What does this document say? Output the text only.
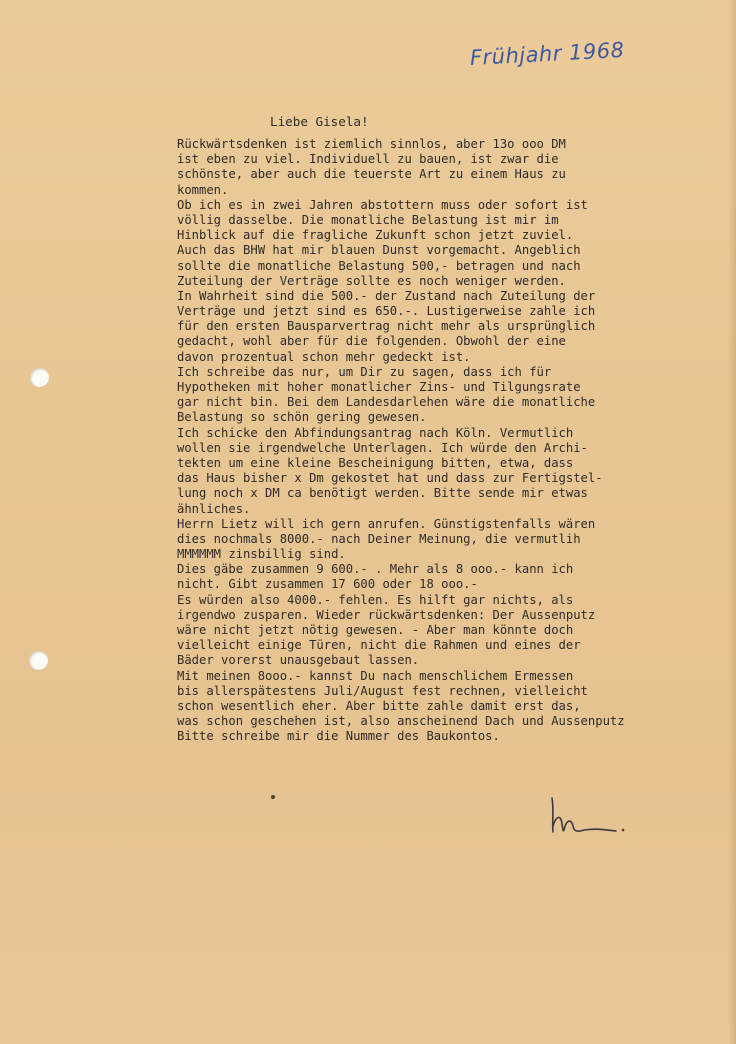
Frühjahr 1968
Liebe Gisela!
Rückwärtsdenken ist ziemlich sinnlos, aber 13o ooo DM
ist eben zu viel. Individuell zu bauen, ist zwar die
schönste, aber auch die teuerste Art zu einem Haus zu
kommen.
Ob ich es in zwei Jahren abstottern muss oder sofort ist
völlig dasselbe. Die monatliche Belastung ist mir im
Hinblick auf die fragliche Zukunft schon jetzt zuviel.
Auch das BHW hat mir blauen Dunst vorgemacht. Angeblich
sollte die monatliche Belastung 500,- betragen und nach
Zuteilung der Verträge sollte es noch weniger werden.
In Wahrheit sind die 500.- der Zustand nach Zuteilung der
Verträge und jetzt sind es 650.-. Lustigerweise zahle ich
für den ersten Bausparvertrag nicht mehr als ursprünglich
gedacht, wohl aber für die folgenden. Obwohl der eine
davon prozentual schon mehr gedeckt ist.
Ich schreibe das nur, um Dir zu sagen, dass ich für
Hypotheken mit hoher monatlicher Zins- und Tilgungsrate
gar nicht bin. Bei dem Landesdarlehen wäre die monatliche
Belastung so schön gering gewesen.
Ich schicke den Abfindungsantrag nach Köln. Vermutlich
wollen sie irgendwelche Unterlagen. Ich würde den Archi-
tekten um eine kleine Bescheinigung bitten, etwa, dass
das Haus bisher x Dm gekostet hat und dass zur Fertigstel-
lung noch x DM ca benötigt werden. Bitte sende mir etwas
ähnliches.
Herrn Lietz will ich gern anrufen. Günstigstenfalls wären
dies nochmals 8000.- nach Deiner Meinung, die vermutlih
MMMMMM zinsbillig sind.
Dies gäbe zusammen 9 600.- . Mehr als 8 ooo.- kann ich
nicht. Gibt zusammen 17 600 oder 18 ooo.-
Es würden also 4000.- fehlen. Es hilft gar nichts, als
irgendwo zusparen. Wieder rückwärtsdenken: Der Aussenputz
wäre nicht jetzt nötig gewesen. - Aber man könnte doch
vielleicht einige Türen, nicht die Rahmen und eines der
Bäder vorerst unausgebaut lassen.
Mit meinen 8ooo.- kannst Du nach menschlichem Ermessen
bis allerspätestens Juli/August fest rechnen, vielleicht
schon wesentlich eher. Aber bitte zahle damit erst das,
was schon geschehen ist, also anscheinend Dach und Aussenputz
Bitte schreibe mir die Nummer des Baukontos.
